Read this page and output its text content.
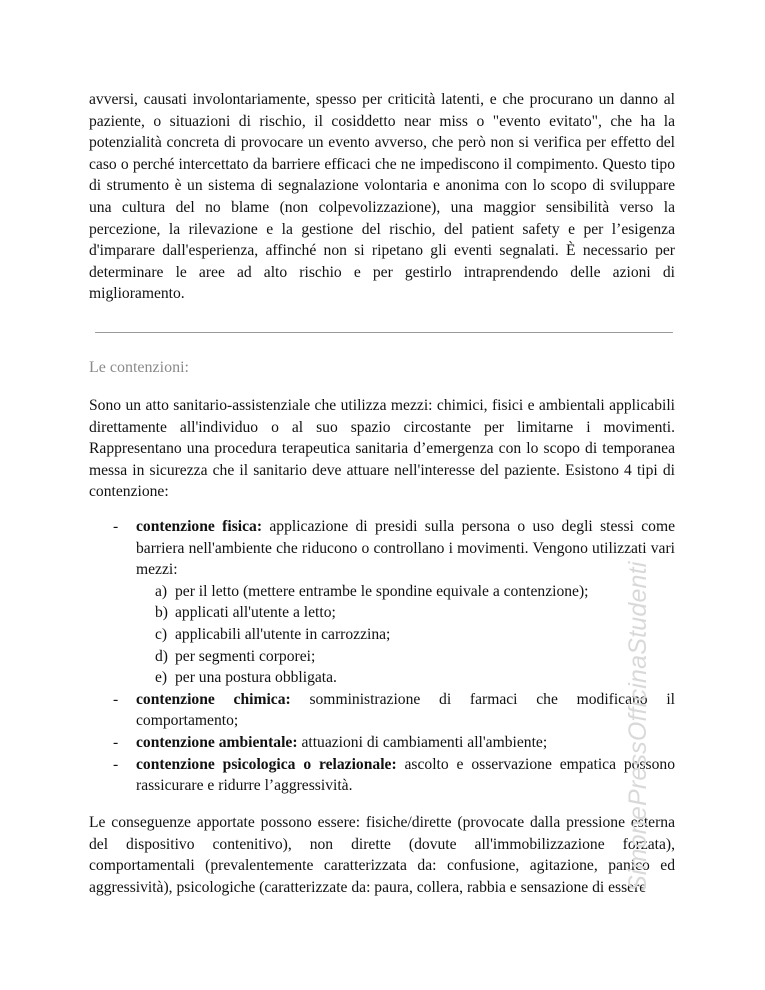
avversi, causati involontariamente, spesso per criticità latenti, e che procurano un danno al paziente, o situazioni di rischio, il cosiddetto near miss o "evento evitato", che ha la potenzialità concreta di provocare un evento avverso, che però non si verifica per effetto del caso o perché intercettato da barriere efficaci che ne impediscono il compimento. Questo tipo di strumento è un sistema di segnalazione volontaria e anonima con lo scopo di sviluppare una cultura del no blame (non colpevolizzazione), una maggior sensibilità verso la percezione, la rilevazione e la gestione del rischio, del patient safety e per l’esigenza d'imparare dall'esperienza, affinché non si ripetano gli eventi segnalati. È necessario per determinare le aree ad alto rischio e per gestirlo intraprendendo delle azioni di miglioramento.

Le contenzioni:

Sono un atto sanitario-assistenziale che utilizza mezzi: chimici, fisici e ambientali applicabili direttamente all'individuo o al suo spazio circostante per limitarne i movimenti. Rappresentano una procedura terapeutica sanitaria d’emergenza con lo scopo di temporanea messa in sicurezza che il sanitario deve attuare nell'interesse del paziente. Esistono 4 tipi di contenzione:

- contenzione fisica: applicazione di presidi sulla persona o uso degli stessi come barriera nell'ambiente che riducono o controllano i movimenti. Vengono utilizzati vari mezzi:
a) per il letto (mettere entrambe le spondine equivale a contenzione);
b) applicati all'utente a letto;
c) applicabili all'utente in carrozzina;
d) per segmenti corporei;
e) per una postura obbligata.
- contenzione chimica: somministrazione di farmaci che modificano il comportamento;
- contenzione ambientale: attuazioni di cambiamenti all'ambiente;
- contenzione psicologica o relazionale: ascolto e osservazione empatica possono rassicurare e ridurre l’aggressività.

Le conseguenze apportate possono essere: fisiche/dirette (provocate dalla pressione esterna del dispositivo contenitivo), non dirette (dovute all'immobilizzazione forzata), comportamentali (prevalentemente caratterizzata da: confusione, agitazione, panico ed aggressività), psicologiche (caratterizzate da: paura, collera, rabbia e sensazione di essere

SimonePressOfficinaStudenti
